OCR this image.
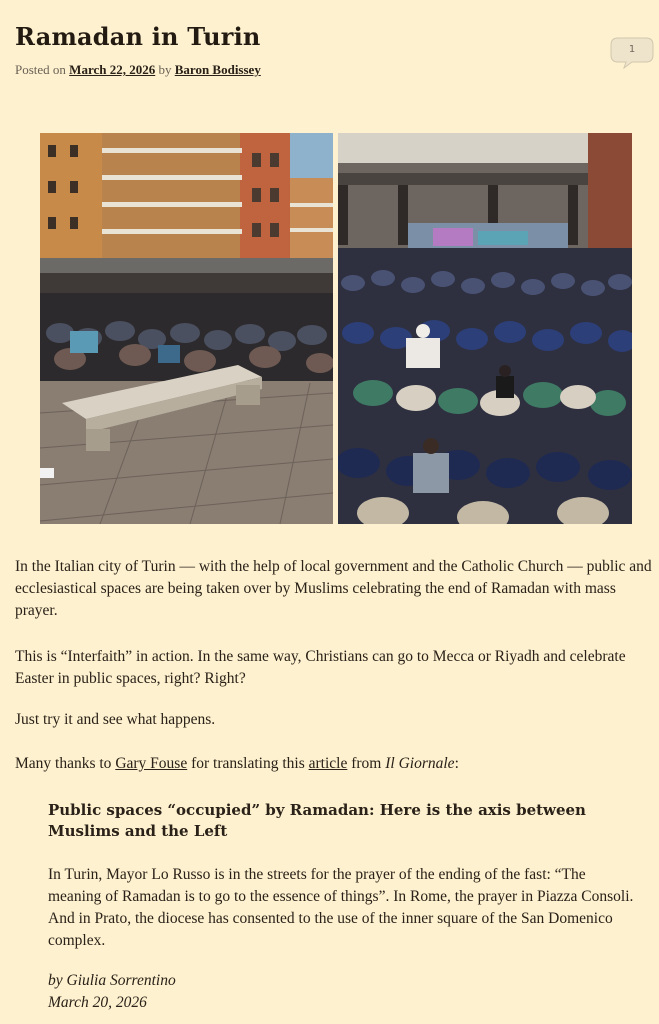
Ramadan in Turin
Posted on March 22, 2026 by Baron Bodissey
1

In the Italian city of Turin — with the help of local government and the Catholic Church — public and ecclesiastical spaces are being taken over by Muslims celebrating the end of Ramadan with mass prayer.

This is “Interfaith” in action. In the same way, Christians can go to Mecca or Riyadh and celebrate Easter in public spaces, right? Right?

Just try it and see what happens.

Many thanks to Gary Fouse for translating this article from Il Giornale:

Public spaces “occupied” by Ramadan: Here is the axis between Muslims and the Left

In Turin, Mayor Lo Russo is in the streets for the prayer of the ending of the fast: “The meaning of Ramadan is to go to the essence of things”. In Rome, the prayer in Piazza Consoli. And in Prato, the diocese has consented to the use of the inner square of the San Domenico complex.

by Giulia Sorrentino

March 20, 2026
